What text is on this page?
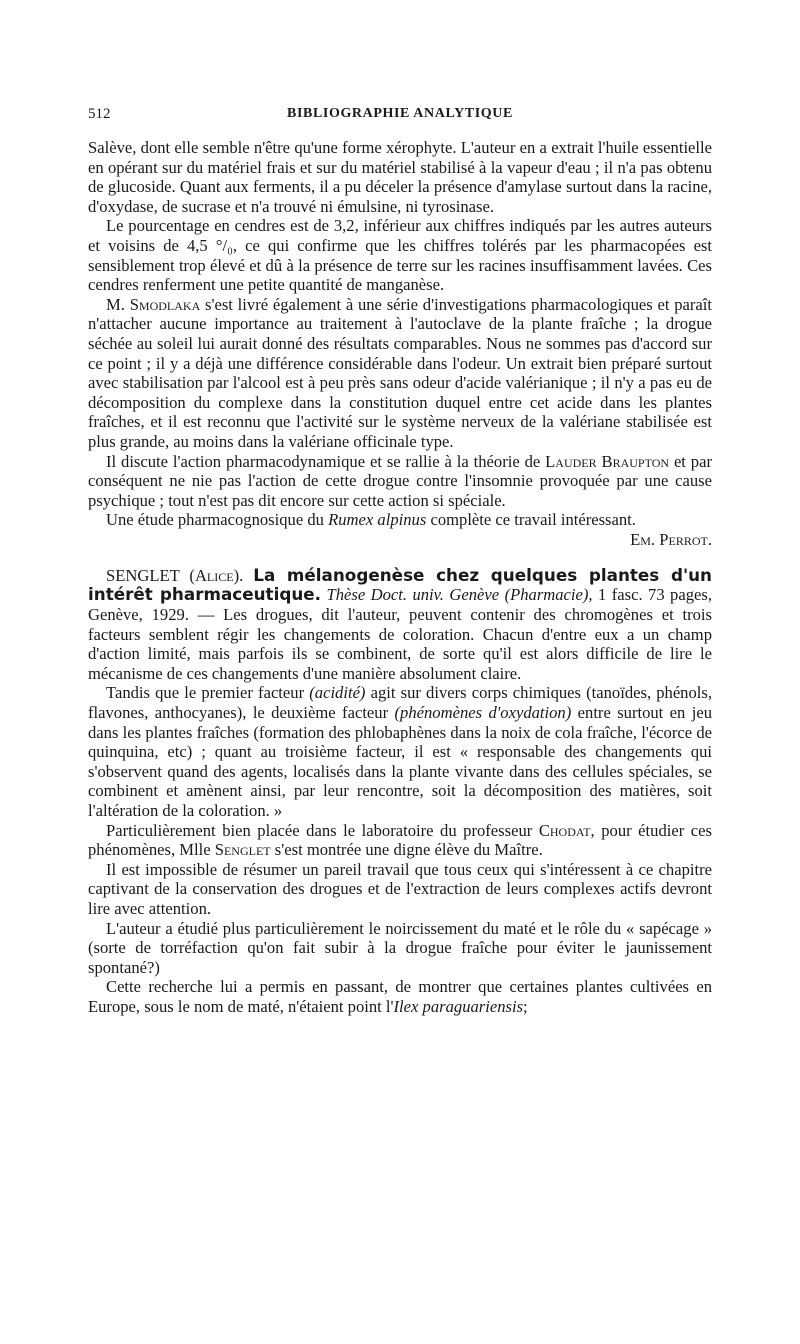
512	BIBLIOGRAPHIE ANALYTIQUE

Salève, dont elle semble n'être qu'une forme xérophyte. L'auteur en a extrait l'huile essentielle en opérant sur du matériel frais et sur du matériel stabilisé à la vapeur d'eau ; il n'a pas obtenu de glucoside. Quant aux ferments, il a pu déceler la présence d'amylase surtout dans la racine, d'oxydase, de sucrase et n'a trouvé ni émulsine, ni tyrosinase.

Le pourcentage en cendres est de 3,2, inférieur aux chiffres indiqués par les autres auteurs et voisins de 4,5 °/₀, ce qui confirme que les chiffres tolérés par les pharmacopées est sensiblement trop élevé et dû à la présence de terre sur les racines insuffisamment lavées. Ces cendres renferment une petite quantité de manganèse.

M. Smodlaka s'est livré également à une série d'investigations pharmacologiques et paraît n'attacher aucune importance au traitement à l'autoclave de la plante fraîche ; la drogue séchée au soleil lui aurait donné des résultats comparables. Nous ne sommes pas d'accord sur ce point ; il y a déjà une différence considérable dans l'odeur. Un extrait bien préparé surtout avec stabilisation par l'alcool est à peu près sans odeur d'acide valérianique ; il n'y a pas eu de décomposition du complexe dans la constitution duquel entre cet acide dans les plantes fraîches, et il est reconnu que l'activité sur le système nerveux de la valériane stabilisée est plus grande, au moins dans la valériane officinale type.

Il discute l'action pharmacodynamique et se rallie à la théorie de Lauder Braupton et par conséquent ne nie pas l'action de cette drogue contre l'insomnie provoquée par une cause psychique ; tout n'est pas dit encore sur cette action si spéciale.

Une étude pharmacognosique du Rumex alpinus complète ce travail intéressant.
Em. Perrot.

SENGLET (Alice). La mélanogenèse chez quelques plantes d'un intérêt pharmaceutique. Thèse Doct. univ. Genève (Pharmacie), 1 fasc. 73 pages, Genève, 1929. — Les drogues, dit l'auteur, peuvent contenir des chromogènes et trois facteurs semblent régir les changements de coloration. Chacun d'entre eux a un champ d'action limité, mais parfois ils se combinent, de sorte qu'il est alors difficile de lire le mécanisme de ces changements d'une manière absolument claire.

Tandis que le premier facteur (acidité) agit sur divers corps chimiques (tanoïdes, phénols, flavones, anthocyanes), le deuxième facteur (phénomènes d'oxydation) entre surtout en jeu dans les plantes fraîches (formation des phlobaphènes dans la noix de cola fraîche, l'écorce de quinquina, etc) ; quant au troisième facteur, il est « responsable des changements qui s'observent quand des agents, localisés dans la plante vivante dans des cellules spéciales, se combinent et amènent ainsi, par leur rencontre, soit la décomposition des matières, soit l'altération de la coloration. »

Particulièrement bien placée dans le laboratoire du professeur Chodat, pour étudier ces phénomènes, Mlle Senglet s'est montrée une digne élève du Maître.

Il est impossible de résumer un pareil travail que tous ceux qui s'intéressent à ce chapitre captivant de la conservation des drogues et de l'extraction de leurs complexes actifs devront lire avec attention.

L'auteur a étudié plus particulièrement le noircissement du maté et le rôle du « sapécage » (sorte de torréfaction qu'on fait subir à la drogue fraîche pour éviter le jaunissement spontané?)

Cette recherche lui a permis en passant, de montrer que certaines plantes cultivées en Europe, sous le nom de maté, n'étaient point l'Ilex paraguariensis;
